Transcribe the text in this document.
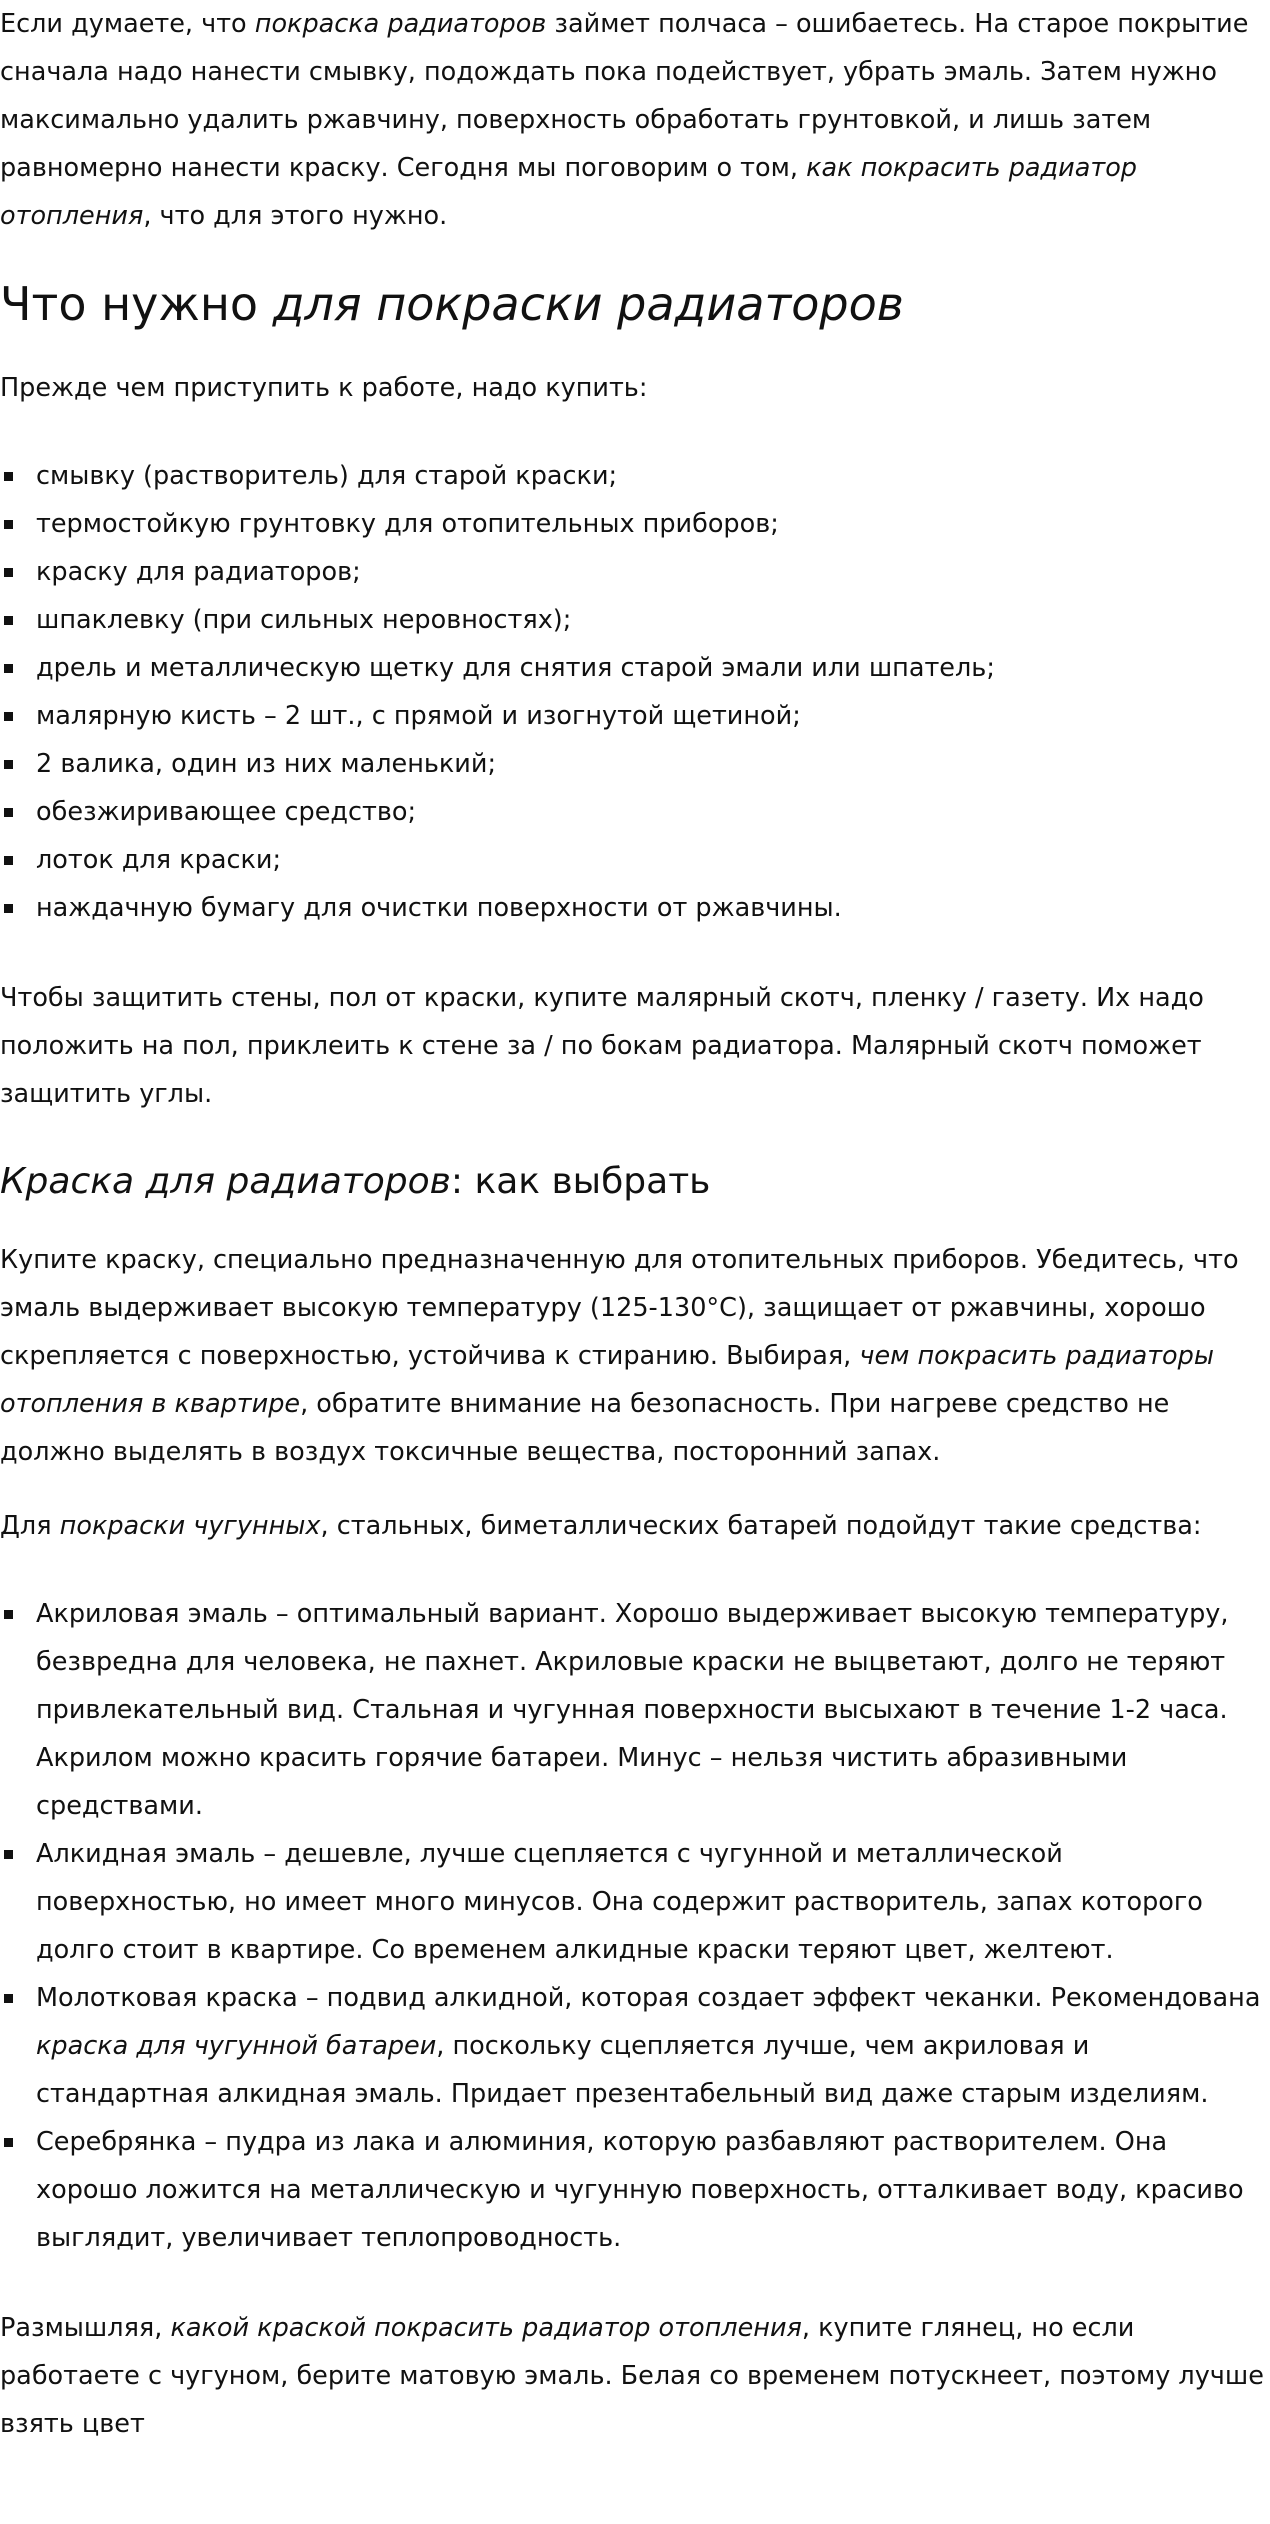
Если думаете, что покраска радиаторов займет полчаса – ошибаетесь. На старое покрытие сначала надо нанести смывку, подождать пока подействует, убрать эмаль. Затем нужно максимально удалить ржавчину, поверхность обработать грунтовкой, и лишь затем равномерно нанести краску. Сегодня мы поговорим о том, как покрасить радиатор отопления, что для этого нужно.

Что нужно для покраски радиаторов

Прежде чем приступить к работе, надо купить:

смывку (растворитель) для старой краски;
термостойкую грунтовку для отопительных приборов;
краску для радиаторов;
шпаклевку (при сильных неровностях);
дрель и металлическую щетку для снятия старой эмали или шпатель;
малярную кисть – 2 шт., с прямой и изогнутой щетиной;
2 валика, один из них маленький;
обезжиривающее средство;
лоток для краски;
наждачную бумагу для очистки поверхности от ржавчины.

Чтобы защитить стены, пол от краски, купите малярный скотч, пленку / газету. Их надо положить на пол, приклеить к стене за / по бокам радиатора. Малярный скотч поможет защитить углы.

Краска для радиаторов: как выбрать

Купите краску, специально предназначенную для отопительных приборов. Убедитесь, что эмаль выдерживает высокую температуру (125-130°C), защищает от ржавчины, хорошо скрепляется с поверхностью, устойчива к стиранию. Выбирая, чем покрасить радиаторы отопления в квартире, обратите внимание на безопасность. При нагреве средство не должно выделять в воздух токсичные вещества, посторонний запах.

Для покраски чугунных, стальных, биметаллических батарей подойдут такие средства:

Акриловая эмаль – оптимальный вариант. Хорошо выдерживает высокую температуру, безвредна для человека, не пахнет. Акриловые краски не выцветают, долго не теряют привлекательный вид. Стальная и чугунная поверхности высыхают в течение 1-2 часа. Акрилом можно красить горячие батареи. Минус – нельзя чистить абразивными средствами.
Алкидная эмаль – дешевле, лучше сцепляется с чугунной и металлической поверхностью, но имеет много минусов. Она содержит растворитель, запах которого долго стоит в квартире. Со временем алкидные краски теряют цвет, желтеют.
Молотковая краска – подвид алкидной, которая создает эффект чеканки. Рекомендована краска для чугунной батареи, поскольку сцепляется лучше, чем акриловая и стандартная алкидная эмаль. Придает презентабельный вид даже старым изделиям.
Серебрянка – пудра из лака и алюминия, которую разбавляют растворителем. Она хорошо ложится на металлическую и чугунную поверхность, отталкивает воду, красиво выглядит, увеличивает теплопроводность.

Размышляя, какой краской покрасить радиатор отопления, купите глянец, но если работаете с чугуном, берите матовую эмаль. Белая со временем потускнеет, поэтому лучше взять цвет
